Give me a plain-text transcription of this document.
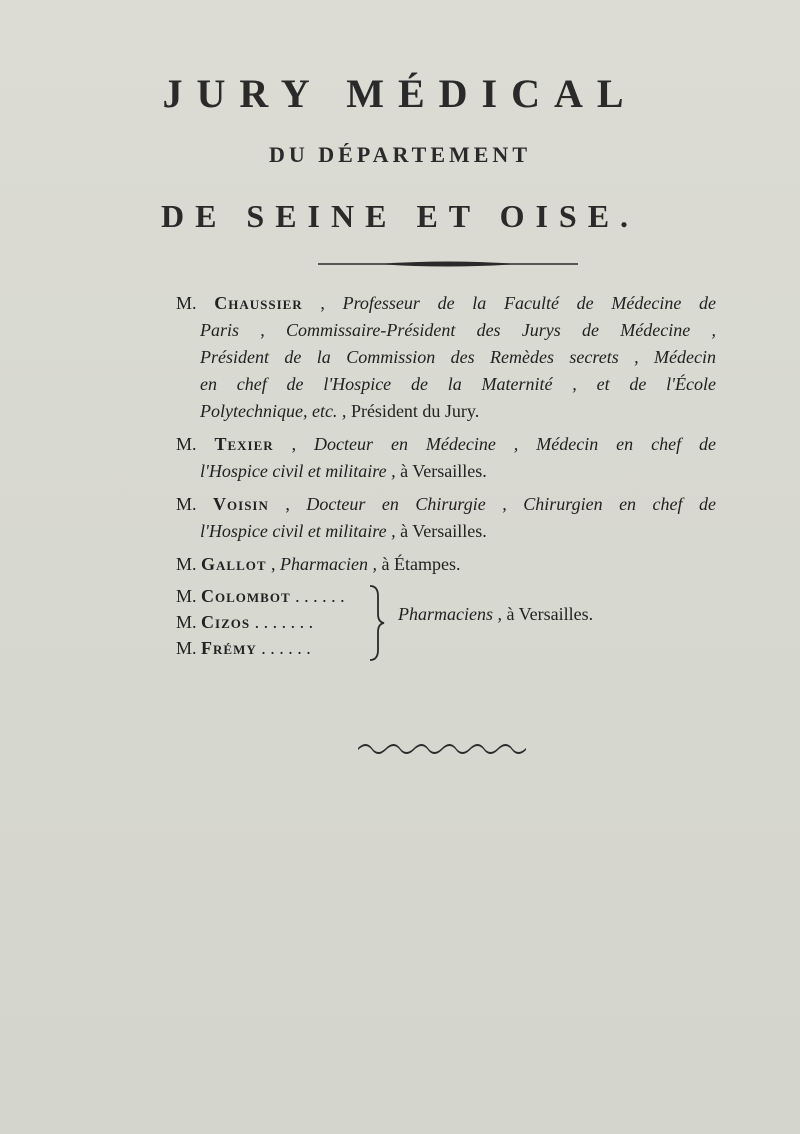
JURY MÉDICAL
DU DÉPARTEMENT
DE SEINE ET OISE.
M. Chaussier , Professeur de la Faculté de Médecine de
Paris , Commissaire-Président des Jurys de Médecine ,
Président de la Commission des Remèdes secrets , Médecin
en chef de l'Hospice de la Maternité , et de l'École
Polytechnique, etc. , Président du Jury.
M. Texier , Docteur en Médecine , Médecin en chef de
l'Hospice civil et militaire , à Versailles.
M. Voisin , Docteur en Chirurgie , Chirurgien en chef de
l'Hospice civil et militaire , à Versailles.
M. Gallot , Pharmacien , à Étampes.
M. Colombot . . . . . .
M. Cizos . . . . . . .
M. Frémy . . . . . .
Pharmaciens , à Versailles.
